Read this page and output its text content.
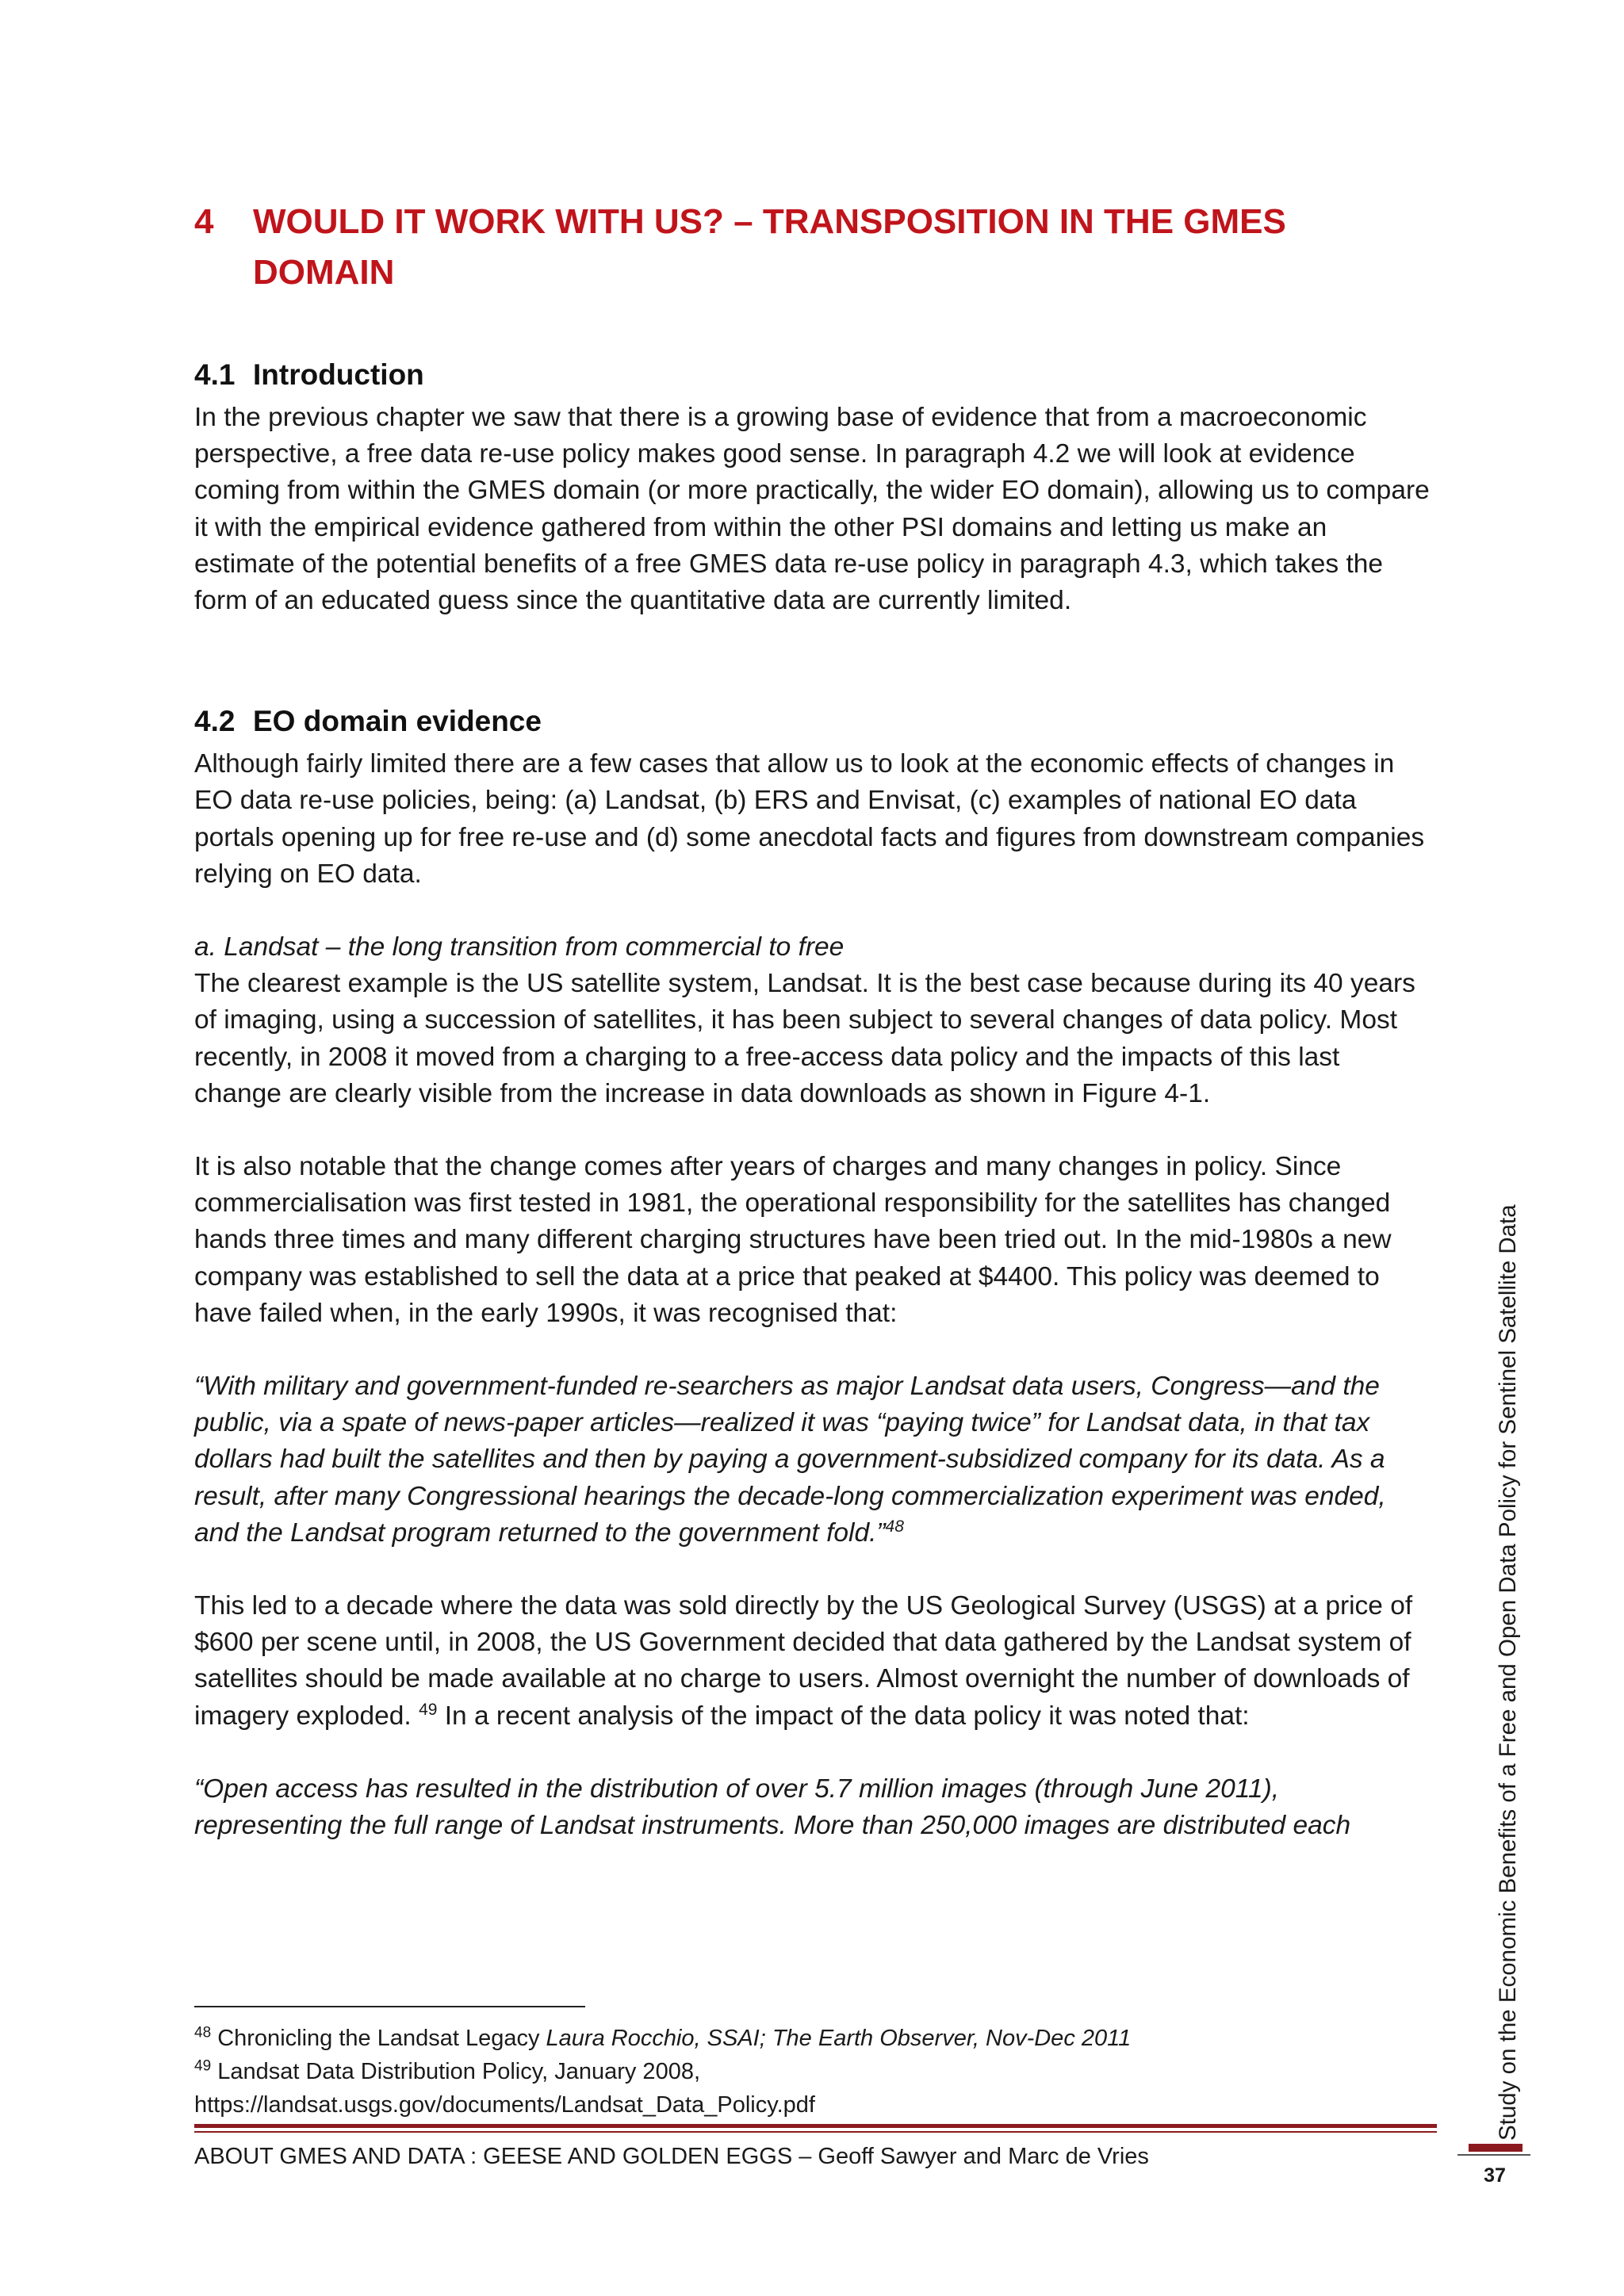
4	WOULD IT WORK WITH US? – TRANSPOSITION IN THE GMES DOMAIN
4.1 Introduction

In the previous chapter we saw that there is a growing base of evidence that from a macroeconomic perspective, a free data re-use policy makes good sense. In paragraph 4.2 we will look at evidence coming from within the GMES domain (or more practically, the wider EO domain), allowing us to compare it with the empirical evidence gathered from within the other PSI domains and letting us make an estimate of the potential benefits of a free GMES data re-use policy in paragraph 4.3, which takes the form of an educated guess since the quantitative data are currently limited.

4.2 EO domain evidence

Although fairly limited there are a few cases that allow us to look at the economic effects of changes in EO data re-use policies, being: (a) Landsat, (b) ERS and Envisat, (c) examples of national EO data portals opening up for free re-use and (d) some anecdotal facts and figures from downstream companies relying on EO data.

a. Landsat – the long transition from commercial to free

The clearest example is the US satellite system, Landsat. It is the best case because during its 40 years of imaging, using a succession of satellites, it has been subject to several changes of data policy. Most recently, in 2008 it moved from a charging to a free-access data policy and the impacts of this last change are clearly visible from the increase in data downloads as shown in Figure 4-1.

It is also notable that the change comes after years of charges and many changes in policy. Since commercialisation was first tested in 1981, the operational responsibility for the satellites has changed hands three times and many different charging structures have been tried out. In the mid-1980s a new company was established to sell the data at a price that peaked at $4400. This policy was deemed to have failed when, in the early 1990s, it was recognised that:

“With military and government-funded re-searchers as major Landsat data users, Congress—and the public, via a spate of news-paper articles—realized it was “paying twice” for Landsat data, in that tax dollars had built the satellites and then by paying a government-subsidized company for its data. As a result, after many Congressional hearings the decade-long commercialization experiment was ended, and the Landsat program returned to the government fold.”$^{48}$

This led to a decade where the data was sold directly by the US Geological Survey (USGS) at a price of $600 per scene until, in 2008, the US Government decided that data gathered by the Landsat system of satellites should be made available at no charge to users. Almost overnight the number of downloads of imagery exploded. $^{49}$ In a recent analysis of the impact of the data policy it was noted that:

“Open access has resulted in the distribution of over 5.7 million images (through June 2011), representing the full range of Landsat instruments. More than 250,000 images are distributed each

$^{48}$ Chronicling the Landsat Legacy Laura Rocchio, SSAI; The Earth Observer, Nov-Dec 2011
$^{49}$ Landsat Data Distribution Policy, January 2008,
https://landsat.usgs.gov/documents/Landsat_Data_Policy.pdf
ABOUT GMES AND DATA : GEESE AND GOLDEN EGGS – Geoff Sawyer and Marc de Vries
Study on the Economic Benefits of a Free and Open Data Policy for Sentinel Satellite Data
37
